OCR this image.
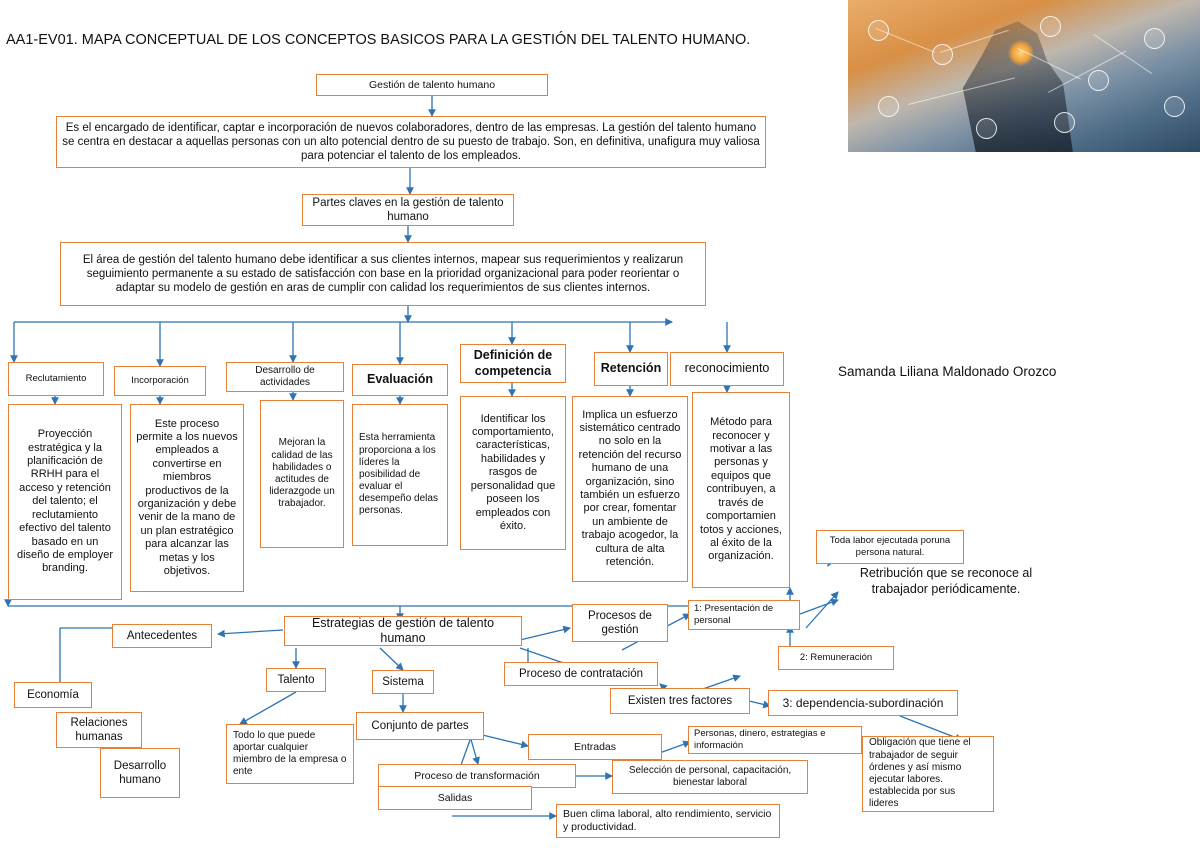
AA1-EV01. MAPA CONCEPTUAL DE LOS CONCEPTOS BASICOS PARA LA GESTIÓN DEL TALENTO HUMANO.
Samanda Liliana Maldonado Orozco
Gestión de talento humano
Es el encargado de identificar, captar e incorporación de nuevos colaboradores, dentro de las empresas. La gestión del talento humano se centra en destacar a aquellas personas con un alto potencial dentro de su puesto de trabajo. Son, en definitiva, unafigura muy valiosa para potenciar el talento de los empleados.
Partes claves en la gestión de talento humano
El área de gestión del talento humano debe identificar a sus clientes internos, mapear sus requerimientos y realizarun seguimiento permanente a su estado de satisfacción con base en la prioridad organizacional para poder reorientar o adaptar su modelo de gestión en aras de cumplir con calidad los requerimientos de sus clientes internos.
Reclutamiento	Incorporación
Desarrollo de actividades	Evaluación
Definición de competencia	Retención	reconocimiento
Proyección estratégica y la planificación de RRHH para el acceso y retención del talento; el reclutamiento efectivo del talento basado en un diseño de employer branding.
Este proceso permite a los nuevos empleados a convertirse en miembros productivos de la organización y debe venir de la mano de un plan estratégico para alcanzar las metas y los objetivos.
Mejoran la calidad de las habilidades o actitudes de liderazgode un trabajador.
Esta herramienta proporciona a los líderes la posibilidad de evaluar el desempeño delas personas.
Identificar los comportamiento, características, habilidades y rasgos de personalidad que poseen los empleados con éxito.
Implica un esfuerzo sistemático centrado no solo en la retención del recurso humano de una organización, sino también un esfuerzo por crear, fomentar un ambiente de trabajo acogedor, la cultura de alta retención.
Método para reconocer y motivar a las personas y equipos que contribuyen, a través de comportamien totos y acciones, al éxito de la organización.
Toda labor ejecutada poruna persona natural.
Retribución que se reconoce al trabajador periódicamente.
Estrategias de gestión de talento humano
Antecedentes
Economía
Relaciones humanas
Desarrollo humano
Talento
Todo lo que puede aportar cualquier miembro de la empresa o ente
Sistema
Conjunto de partes
Entradas
Proceso de transformación
Salidas
Personas, dinero, estrategias e información
Selección de personal, capacitación, bienestar laboral
Buen clima laboral, alto rendimiento, servicio y productividad.
Procesos de gestión
Proceso de contratación
1: Presentación de personal
2: Remuneración
3: dependencia-subordinación
Existen tres factores
Obligación que tiene el trabajador de seguir órdenes y así mismo ejecutar labores. establecida por sus lideres
